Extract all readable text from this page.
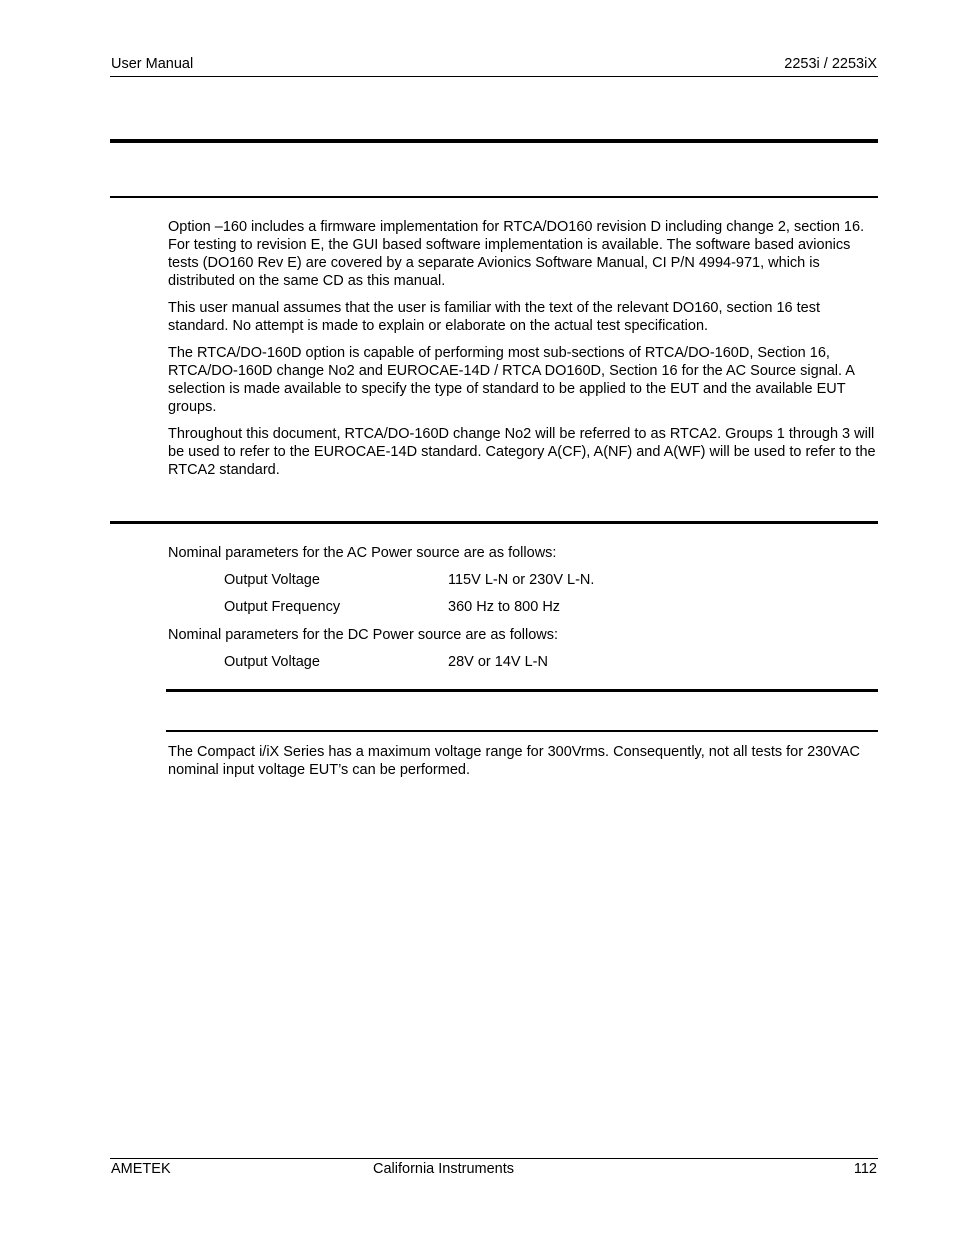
User Manual	2253i / 2253iX

Option –160 includes a firmware implementation for RTCA/DO160 revision D including change 2, section 16. For testing to revision E, the GUI based software implementation is available. The software based avionics tests (DO160 Rev E) are covered by a separate Avionics Software Manual, CI P/N 4994-971, which is distributed on the same CD as this manual.

This user manual assumes that the user is familiar with the text of the relevant DO160, section 16 test standard. No attempt is made to explain or elaborate on the actual test specification.

The RTCA/DO-160D option is capable of performing most sub-sections of RTCA/DO-160D, Section 16, RTCA/DO-160D change No2 and EUROCAE-14D / RTCA DO160D, Section 16 for the AC Source signal. A selection is made available to specify the type of standard to be applied to the EUT and the available EUT groups.

Throughout this document, RTCA/DO-160D change No2 will be referred to as RTCA2. Groups 1 through 3 will be used to refer to the EUROCAE-14D standard. Category A(CF), A(NF) and A(WF) will be used to refer to the RTCA2 standard.

Nominal parameters for the AC Power source are as follows:
Output Voltage	115V L-N or 230V L-N.
Output Frequency	360 Hz to 800 Hz
Nominal parameters for the DC Power source are as follows:
Output Voltage	28V or 14V L-N

The Compact i/iX Series has a maximum voltage range for 300Vrms. Consequently, not all tests for 230VAC nominal input voltage EUT’s can be performed.

AMETEK	California Instruments	112
